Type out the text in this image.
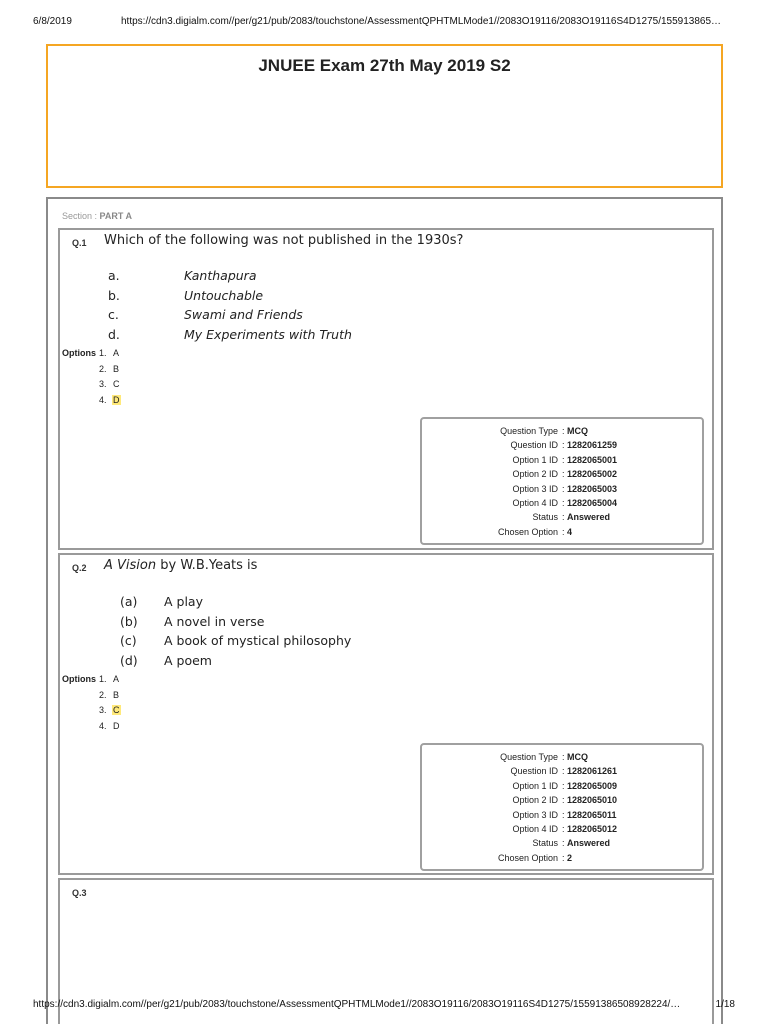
6/8/2019	https://cdn3.digialm.com//per/g21/pub/2083/touchstone/AssessmentQPHTMLMode1//2083O19116/2083O19116S4D1275/155913865…
JNUEE Exam 27th May 2019 S2
Section : PART A
Q.1 Which of the following was not published in the 1930s?
a.	Kanthapura
b.	Untouchable
c.	Swami and Friends
d.	My Experiments with Truth
Options 1. A
2. B
3. C
4. D
Question Type : MCQ
Question ID : 1282061259
Option 1 ID : 1282065001
Option 2 ID : 1282065002
Option 3 ID : 1282065003
Option 4 ID : 1282065004
Status : Answered
Chosen Option : 4
Q.2 A Vision by W.B.Yeats is
(a) A play
(b) A novel in verse
(c) A book of mystical philosophy
(d) A poem
Options 1. A
2. B
3. C
4. D
Question Type : MCQ
Question ID : 1282061261
Option 1 ID : 1282065009
Option 2 ID : 1282065010
Option 3 ID : 1282065011
Option 4 ID : 1282065012
Status : Answered
Chosen Option : 2
Q.3
https://cdn3.digialm.com//per/g21/pub/2083/touchstone/AssessmentQPHTMLMode1//2083O19116/2083O19116S4D1275/15591386508928224/…	1/18
